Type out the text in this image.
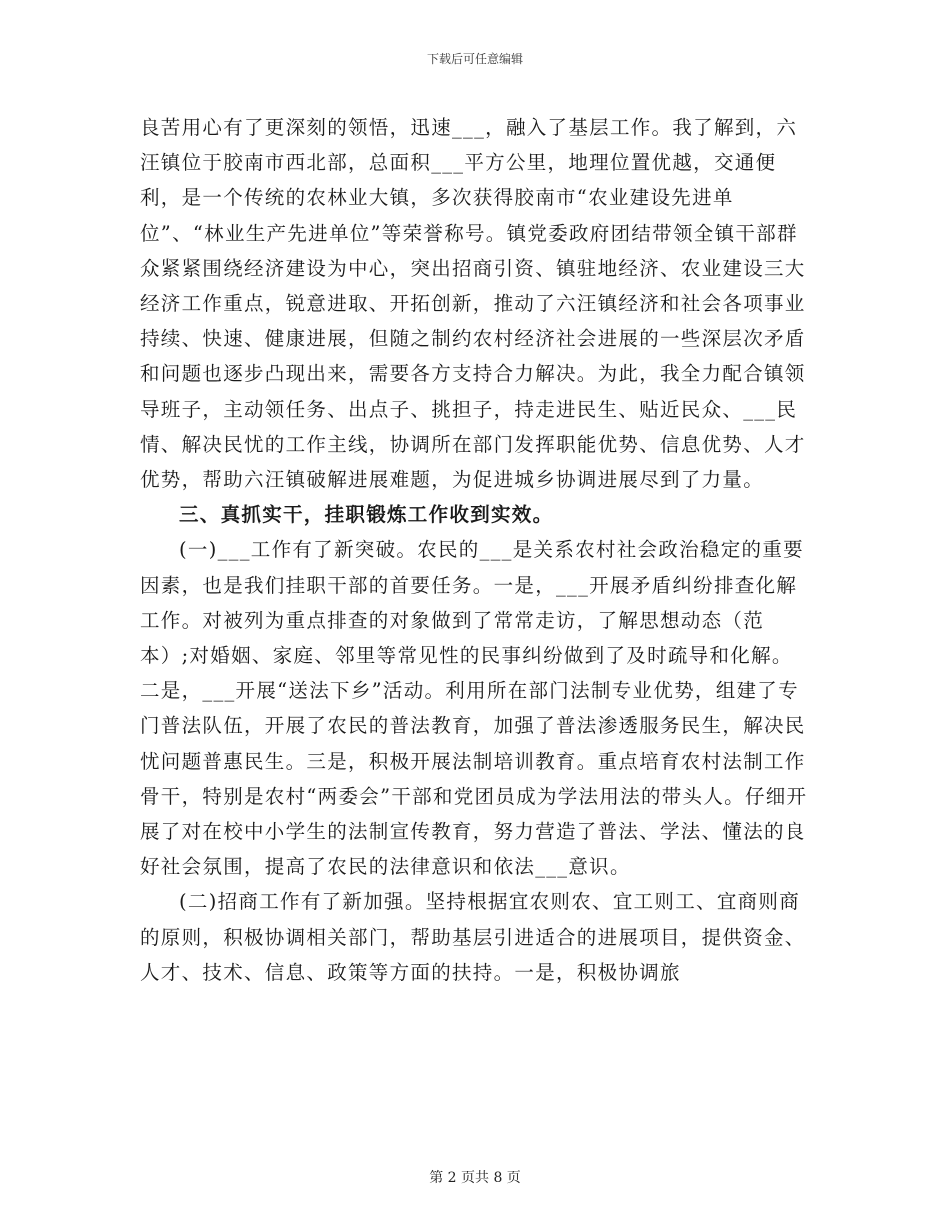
下载后可任意编辑

良苦用心有了更深刻的领悟，迅速___，融入了基层工作。我了解到，六汪镇位于胶南市西北部，总面积___平方公里，地理位置优越，交通便利，是一个传统的农林业大镇，多次获得胶南市“农业建设先进单位”、“林业生产先进单位”等荣誉称号。镇党委政府团结带领全镇干部群众紧紧围绕经济建设为中心，突出招商引资、镇驻地经济、农业建设三大经济工作重点，锐意进取、开拓创新，推动了六汪镇经济和社会各项事业持续、快速、健康进展，但随之制约农村经济社会进展的一些深层次矛盾和问题也逐步凸现出来，需要各方支持合力解决。为此，我全力配合镇领导班子，主动领任务、出点子、挑担子，持走进民生、贴近民众、___民情、解决民忧的工作主线，协调所在部门发挥职能优势、信息优势、人才优势，帮助六汪镇破解进展难题，为促进城乡协调进展尽到了力量。

三、真抓实干，挂职锻炼工作收到实效。

(一)___工作有了新突破。农民的___是关系农村社会政治稳定的重要因素，也是我们挂职干部的首要任务。一是，___开展矛盾纠纷排查化解工作。对被列为重点排查的对象做到了常常走访，了解思想动态（范本）;对婚姻、家庭、邻里等常见性的民事纠纷做到了及时疏导和化解。二是，___开展“送法下乡”活动。利用所在部门法制专业优势，组建了专门普法队伍，开展了农民的普法教育，加强了普法渗透服务民生，解决民忧问题普惠民生。三是，积极开展法制培训教育。重点培育农村法制工作骨干，特别是农村“两委会”干部和党团员成为学法用法的带头人。仔细开展了对在校中小学生的法制宣传教育，努力营造了普法、学法、懂法的良好社会氛围，提高了农民的法律意识和依法___意识。

(二)招商工作有了新加强。坚持根据宜农则农、宜工则工、宜商则商的原则，积极协调相关部门，帮助基层引进适合的进展项目，提供资金、人才、技术、信息、政策等方面的扶持。一是，积极协调旅

第 2 页共 8 页
